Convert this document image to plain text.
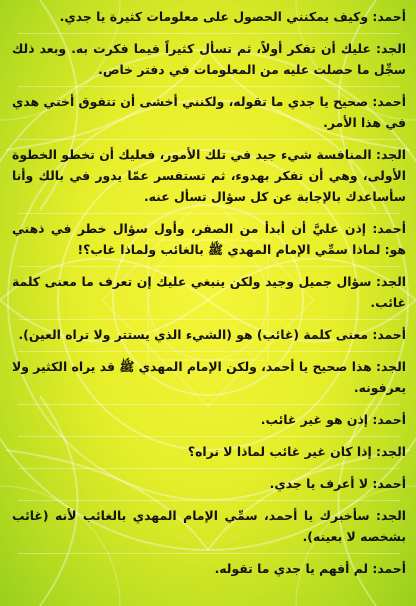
أحمد: وكيف يمكنني الحصول على معلومات كثيرة يا جدي.

الجد: عليك أن تفكر أولاً، ثم تسأل كثيراً فيما فكرت به. وبعد ذلك سجِّل ما حصلت عليه من المعلومات في دفتر خاص.

أحمد: صحيح يا جدي ما تقوله، ولكنني أخشى أن تتفوق أختي هدي في هذا الأمر.

الجد: المنافسة شيء جيد في تلك الأمور، فعليك أن تخطو الخطوة الأولى، وهي أن تفكر بهدوء، ثم تستفسر عمّا يدور في بالك وأنا سأساعدك بالإجابة عن كل سؤال تسأل عنه.

أحمد: إذن عليَّ أن أبدأ من الصفر، وأول سؤال خطر في ذهني هو: لماذا سمِّي الإمام المهدي ﷺ بالغائب ولماذا غاب؟!

الجد: سؤال جميل وجيد ولكن ينبغي عليك إن تعرف ما معنى كلمة غائب.

أحمد: معنى كلمة (غائب) هو (الشيء الذي يستتر ولا تراه العين).

الجد: هذا صحيح يا أحمد، ولكن الإمام المهدي ﷺ قد يراه الكثير ولا يعرفونه.

أحمد: إذن هو غير غائب.

الجد: إذا كان غير غائب لماذا لا نراه؟

أحمد: لا أعرف يا جدي.

الجد: سأخبرك يا أحمد، سمِّي الإمام المهدي بالغائب لأنه (غائب بشخصه لا بعينه).

أحمد: لم أفهم يا جدي ما تقوله.
